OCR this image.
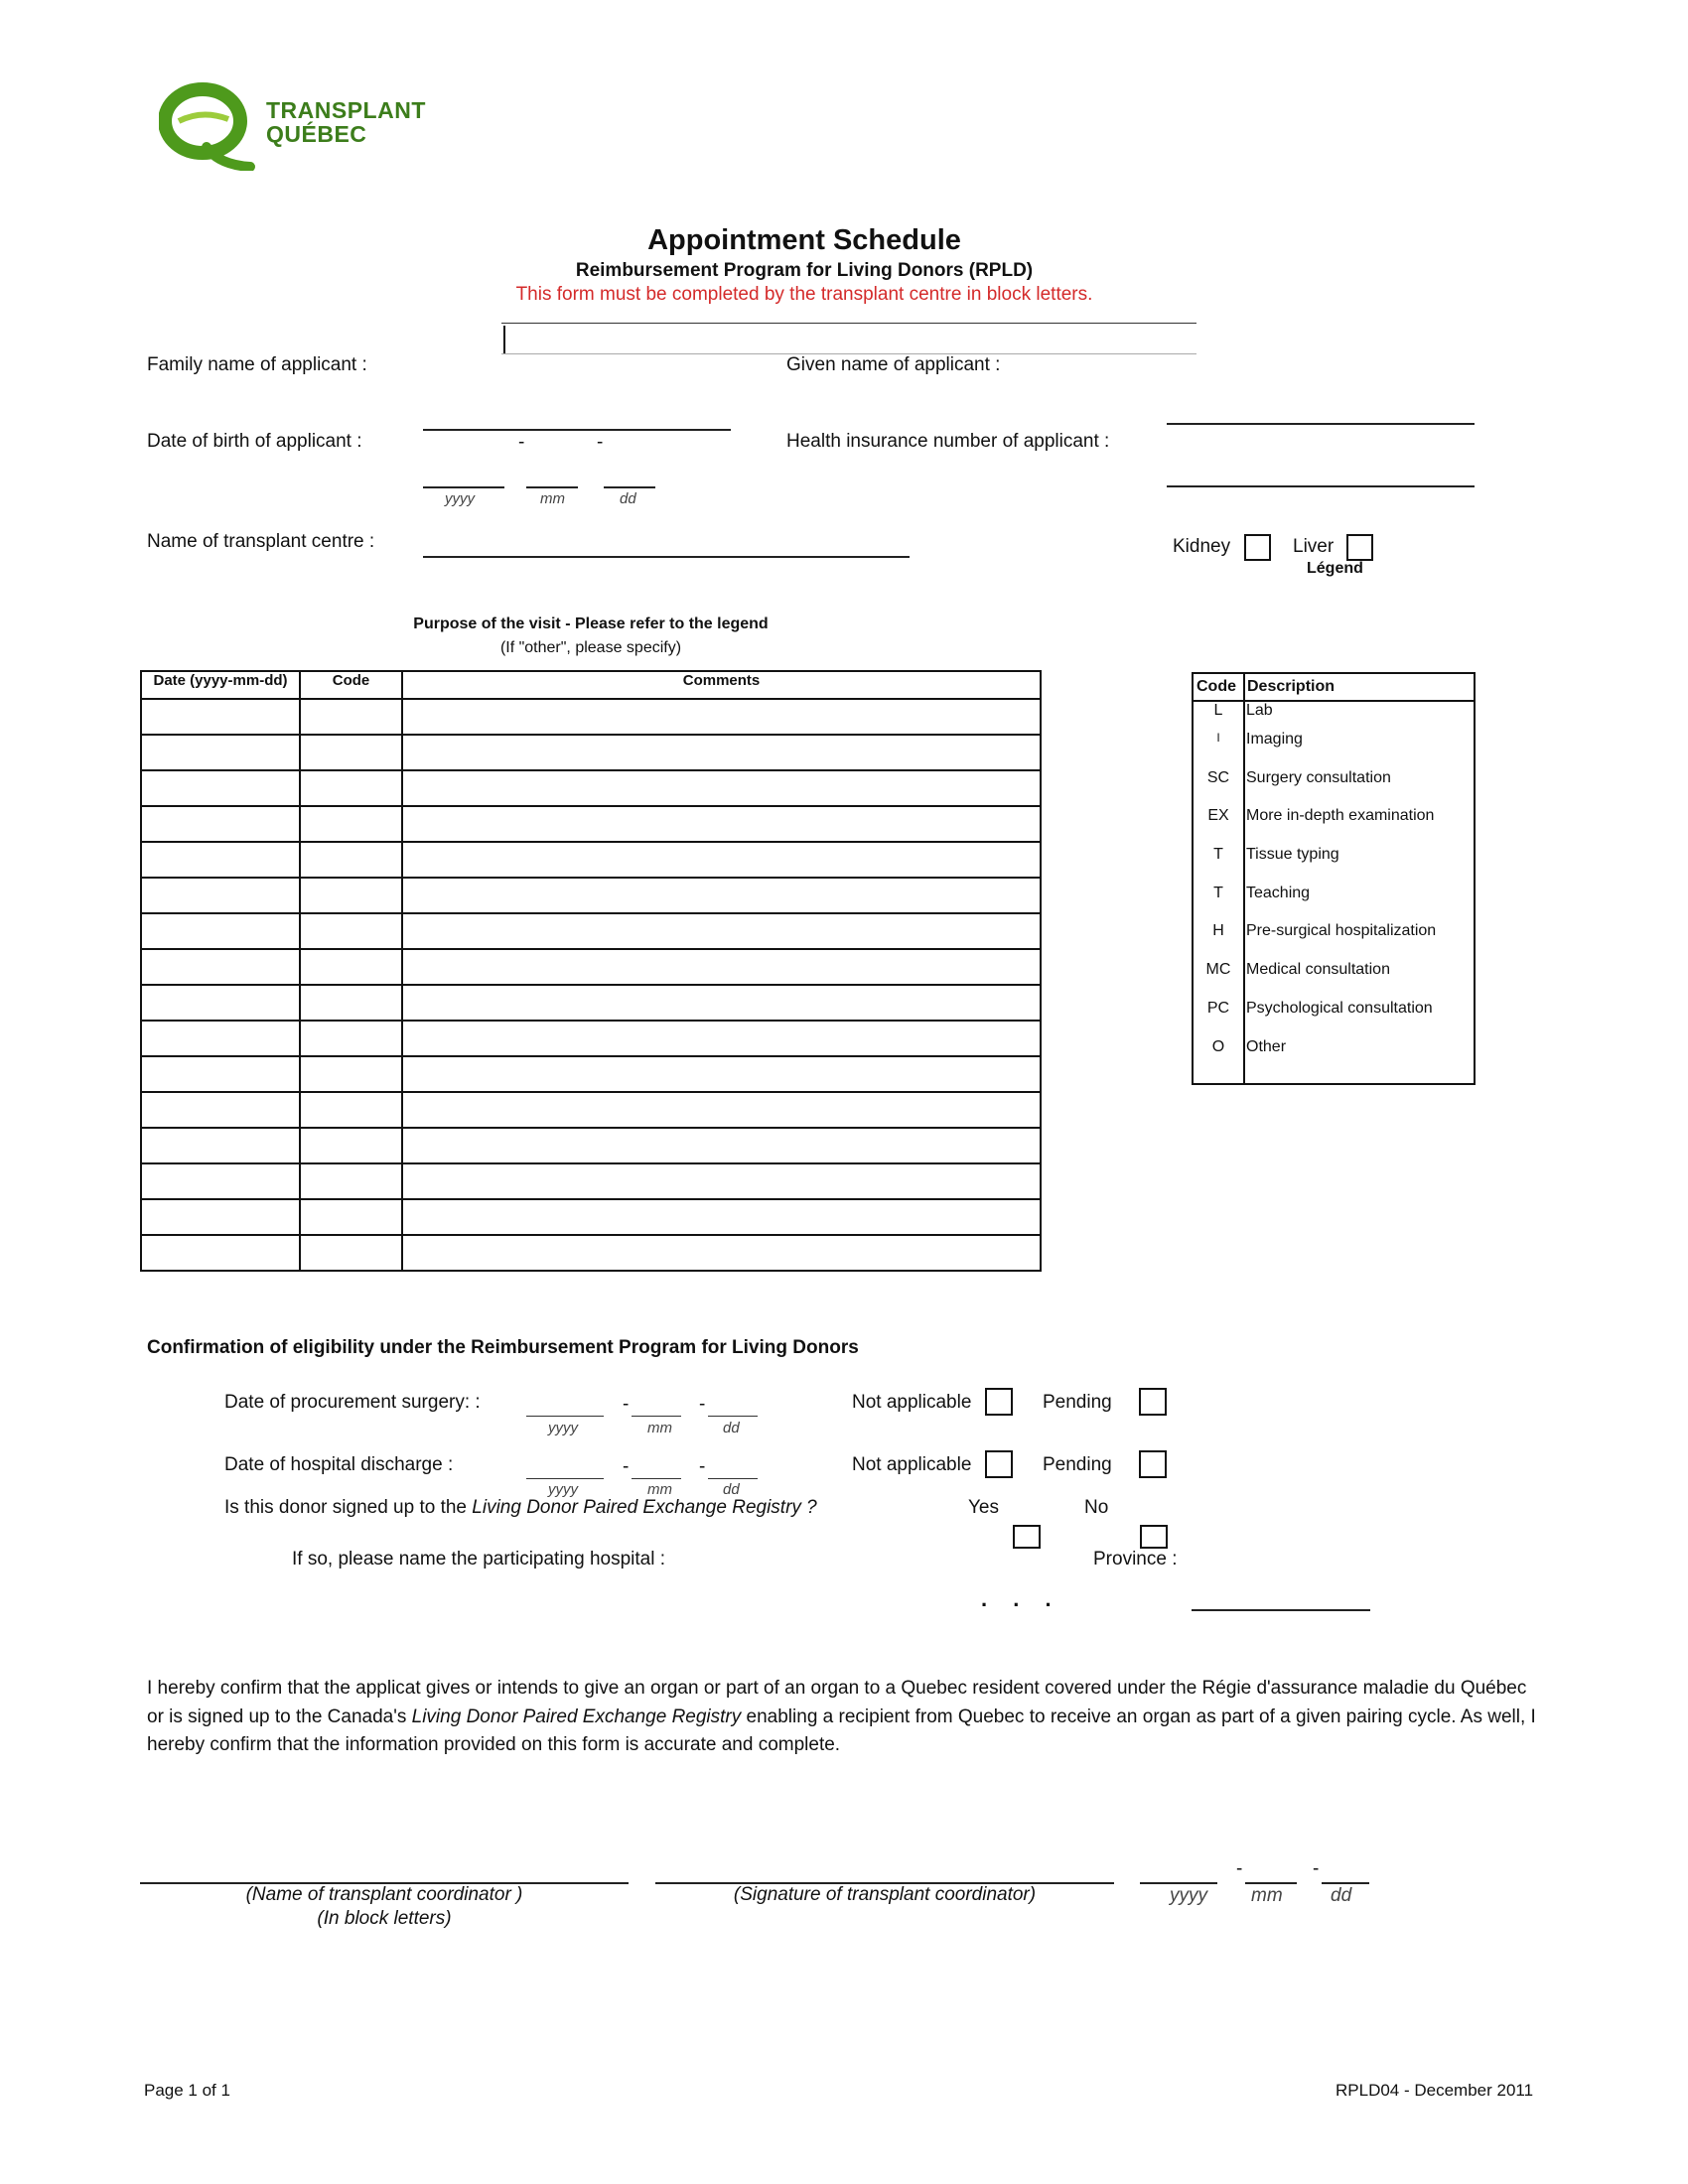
TRANSPLANT
QUÉBEC
Appointment Schedule
Reimbursement Program for Living Donors (RPLD)
This form must be completed by the transplant centre in block letters.
Family name of applicant :	Given name of applicant :
Date of birth of applicant :	-	-
yyyy	mm	dd
Health insurance number of applicant :
Name of transplant centre :	Kidney	Liver
Légend
Purpose of the visit - Please refer to the legend
(If "other", please specify)
Date (yyyy-mm-dd)	Code	Comments

			Code	Description
L	Lab
I	Imaging
SC	Surgery consultation
EX	More in-depth examination
T	Tissue typing
T	Teaching
H	Pre-surgical hospitalization
MC	Medical consultation
PC	Psychological consultation
O	Other

Confirmation of eligibility under the Reimbursement Program for Living Donors
Date of procurement surgery: :	-	-
yyyy	mm	dd
Not applicable	Pending
Date of hospital discharge :	-	-
yyyy	mm	dd
Not applicable	Pending
Is this donor signed up to the Living Donor Paired Exchange Registry ?	Yes	No
If so, please name the participating hospital :	Province :
. . .
I hereby confirm that the applicat gives or intends to give an organ or part of an organ to a Quebec resident covered under the Régie d'assurance maladie du Québec or is signed up to the Canada's Living Donor Paired Exchange Registry enabling a recipient from Quebec to receive an organ as part of a given pairing cycle. As well, I hereby confirm that the information provided on this form is accurate and complete.
-	-
(Name of transplant coordinator )
(In block letters)
(Signature of transplant coordinator)	yyyy mm	dd
Page 1 of 1	RPLD04 - December 2011
